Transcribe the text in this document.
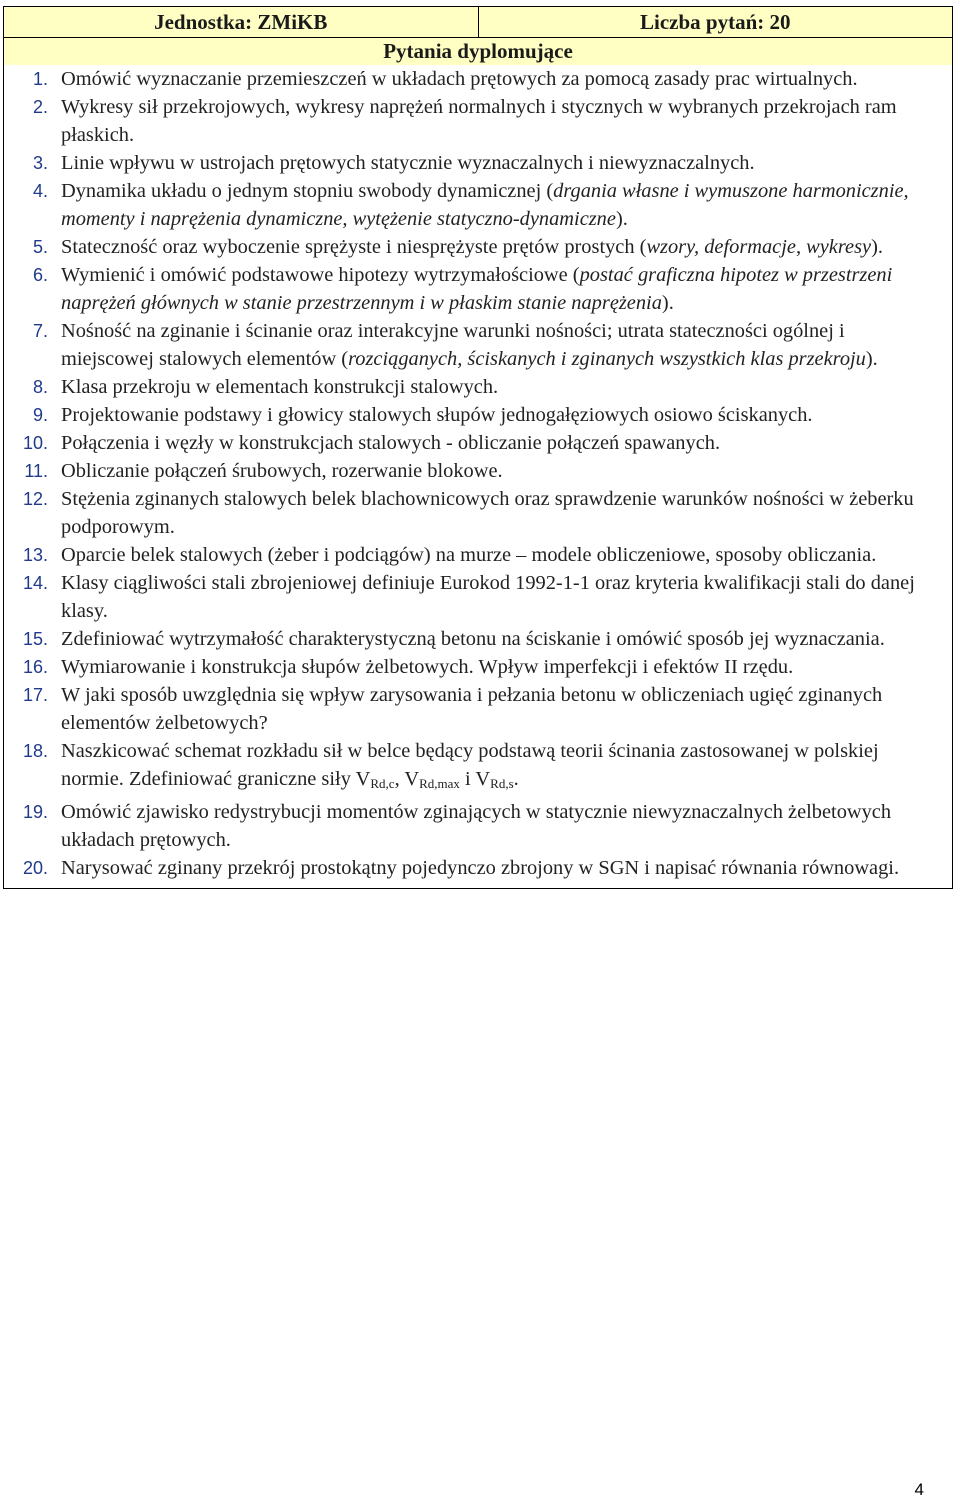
Jednostka: ZMiKB	Liczba pytań: 20
Pytania dyplomujące
1. Omówić wyznaczanie przemieszczeń w układach prętowych za pomocą zasady prac wirtualnych.
2. Wykresy sił przekrojowych, wykresy naprężeń normalnych i stycznych w wybranych przekrojach ram płaskich.
3. Linie wpływu w ustrojach prętowych statycznie wyznaczalnych i niewyznaczalnych.
4. Dynamika układu o jednym stopniu swobody dynamicznej (drgania własne i wymuszone harmonicznie, momenty i naprężenia dynamiczne, wytężenie statyczno-dynamiczne).
5. Stateczność oraz wyboczenie sprężyste i niesprężyste prętów prostych (wzory, deformacje, wykresy).
6. Wymienić i omówić podstawowe hipotezy wytrzymałościowe (postać graficzna hipotez w przestrzeni naprężeń głównych w stanie przestrzennym i w płaskim stanie naprężenia).
7. Nośność na zginanie i ścinanie oraz interakcyjne warunki nośności; utrata stateczności ogólnej i miejscowej stalowych elementów (rozciąganych, ściskanych i zginanych wszystkich klas przekroju).
8. Klasa przekroju w elementach konstrukcji stalowych.
9. Projektowanie podstawy i głowicy stalowych słupów jednogałęziowych osiowo ściskanych.
10. Połączenia i węzły w konstrukcjach stalowych - obliczanie połączeń spawanych.
11. Obliczanie połączeń śrubowych, rozerwanie blokowe.
12. Stężenia zginanych stalowych belek blachownicowych oraz sprawdzenie warunków nośności w żeberku podporowym.
13. Oparcie belek stalowych (żeber i podciągów) na murze – modele obliczeniowe, sposoby obliczania.
14. Klasy ciągliwości stali zbrojeniowej definiuje Eurokod 1992-1-1 oraz kryteria kwalifikacji stali do danej klasy.
15. Zdefiniować wytrzymałość charakterystyczną betonu na ściskanie i omówić sposób jej wyznaczania.
16. Wymiarowanie i konstrukcja słupów żelbetowych. Wpływ imperfekcji i efektów II rzędu.
17. W jaki sposób uwzględnia się wpływ zarysowania i pełzania betonu w obliczeniach ugięć zginanych elementów żelbetowych?
18. Naszkicować schemat rozkładu sił w belce będący podstawą teorii ścinania zastosowanej w polskiej normie. Zdefiniować graniczne siły $V_{Rd,c}$, $V_{Rd,max}$ i $V_{Rd,s}$.
19. Omówić zjawisko redystrybucji momentów zginających w statycznie niewyznaczalnych żelbetowych układach prętowych.
20. Narysować zginany przekrój prostokątny pojedynczo zbrojony w SGN i napisać równania równowagi.
4
